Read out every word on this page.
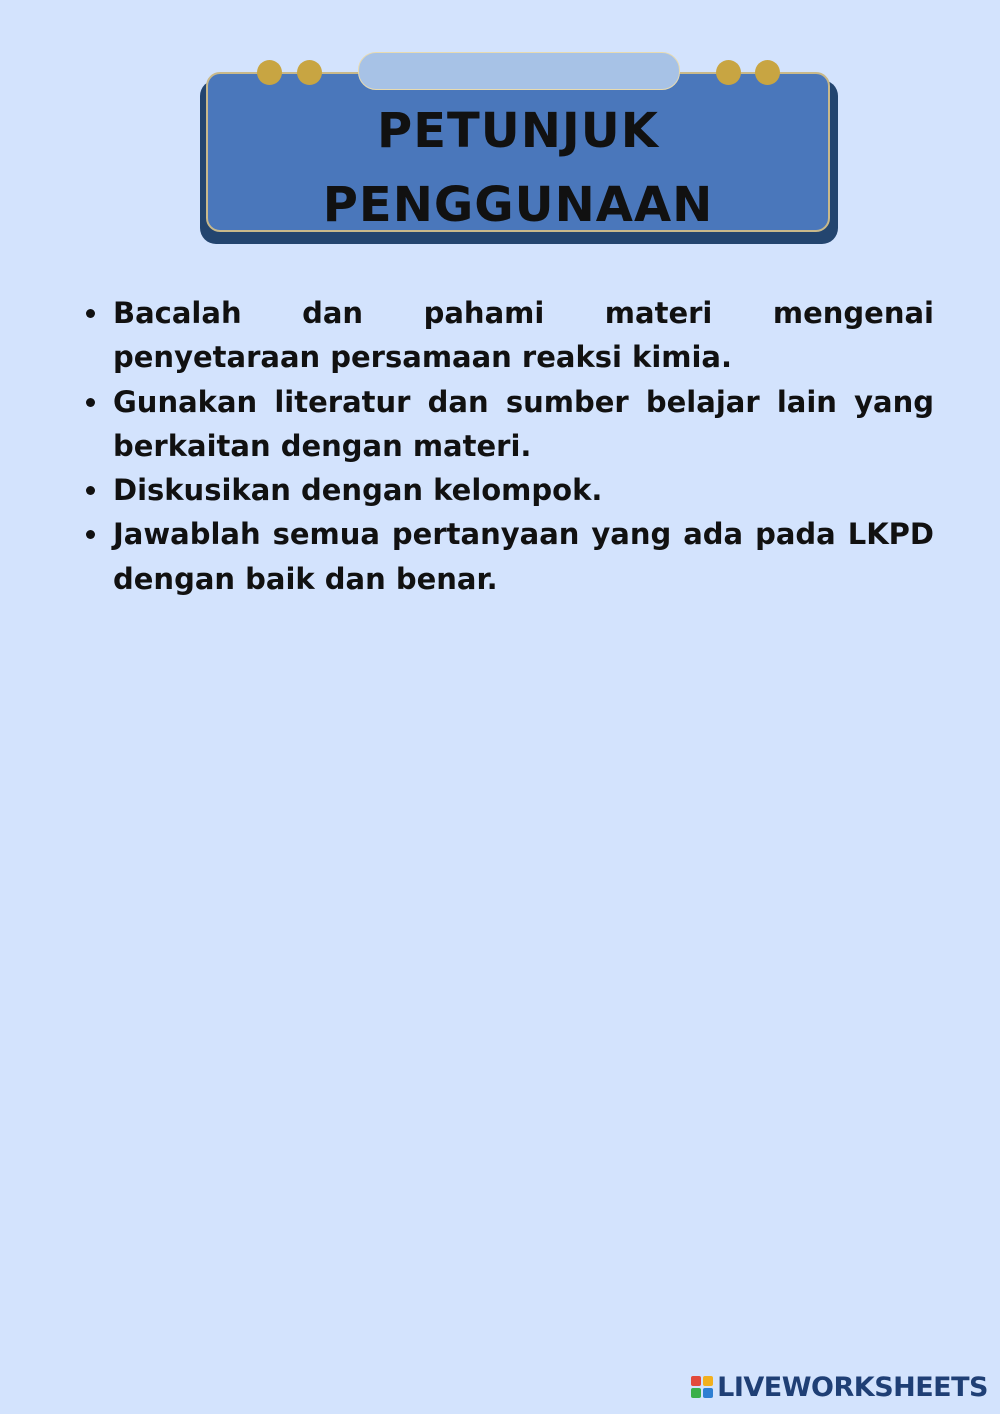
PETUNJUK
PENGGUNAAN
Bacalah dan pahami materi mengenai penyetaraan persamaan reaksi kimia.
Gunakan literatur dan sumber belajar lain yang berkaitan dengan materi.
Diskusikan dengan kelompok.
Jawablah semua pertanyaan yang ada pada LKPD dengan baik dan benar.
LIVEWORKSHEETS
